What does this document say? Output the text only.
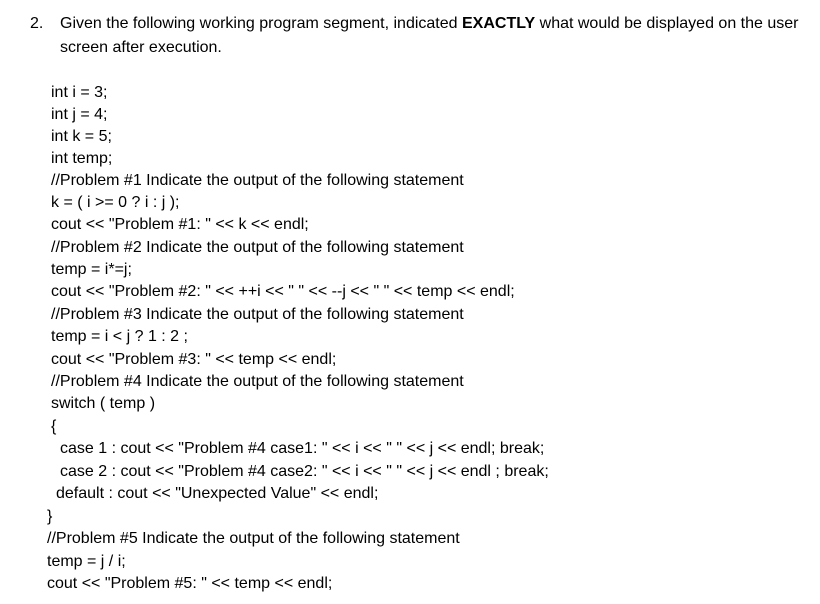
2. Given the following working program segment, indicated EXACTLY what would be displayed on the user screen after execution.
int i = 3;
int j = 4;
int k = 5;
int temp;
//Problem #1 Indicate the output of the following statement
k = ( i >= 0 ? i : j );
cout << "Problem #1: " << k << endl;
//Problem #2 Indicate the output of the following statement
temp = i*=j;
cout << "Problem #2: " << ++i << " " << --j << " " << temp << endl;
//Problem #3 Indicate the output of the following statement
temp = i < j ? 1 : 2 ;
cout << "Problem #3: " << temp << endl;
//Problem #4 Indicate the output of the following statement
switch ( temp )
{
case 1 : cout << "Problem #4 case1: " << i << " " << j << endl; break;
case 2 : cout << "Problem #4 case2: " << i << " " << j << endl ; break;
default : cout << "Unexpected Value" << endl;
}
//Problem #5 Indicate the output of the following statement
temp = j / i;
cout << "Problem #5: " << temp << endl;
